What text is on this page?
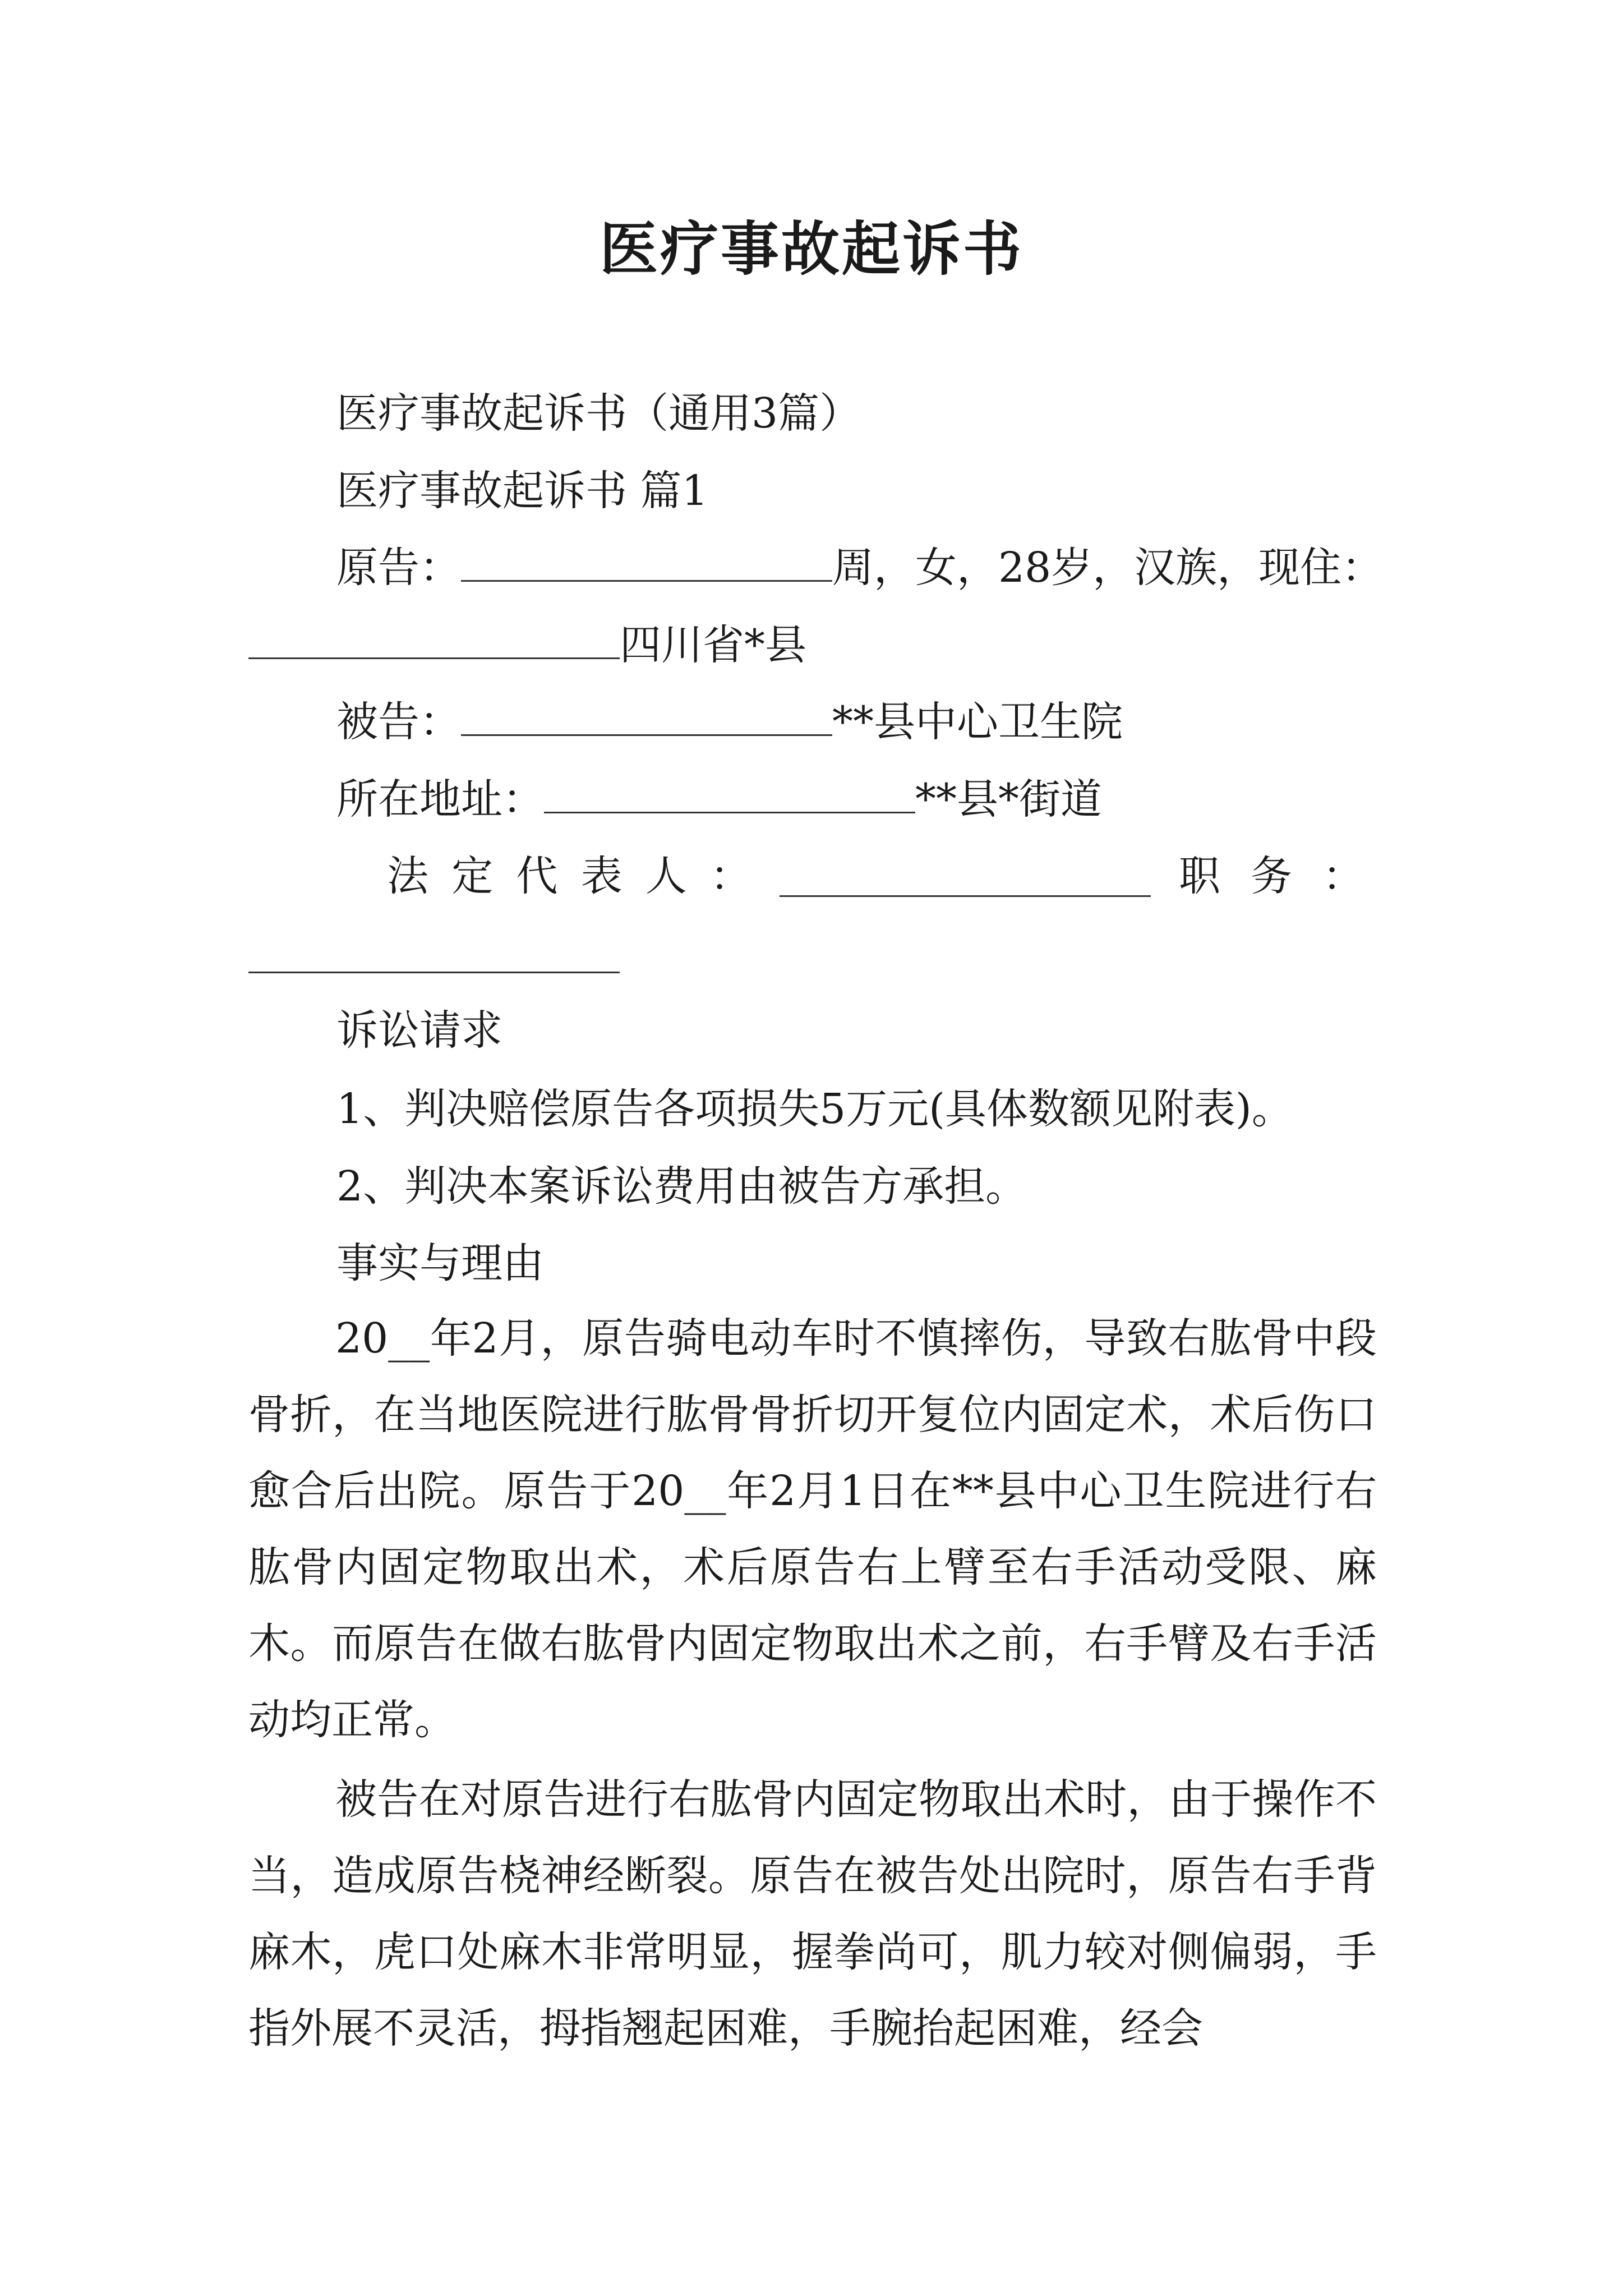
医疗事故起诉书
医疗事故起诉书（通用3篇）
医疗事故起诉书 篇1
原告：	周，女，28岁，汉族，现住：
四川省*县
被告：	**县中心卫生院
所在地址：	**县*街道
法 定 代 表 人 ：	职 务 ：
诉讼请求
1、判决赔偿原告各项损失5万元(具体数额见附表)。
2、判决本案诉讼费用由被告方承担。
事实与理由

20__年2月，原告骑电动车时不慎摔伤，导致右肱骨中段骨折，在当地医院进行肱骨骨折切开复位内固定术，术后伤口愈合后出院。原告于20__年2月1日在**县中心卫生院进行右肱骨内固定物取出术，术后原告右上臂至右手活动受限、麻木。而原告在做右肱骨内固定物取出术之前，右手臂及右手活动均正常。

被告在对原告进行右肱骨内固定物取出术时，由于操作不当，造成原告桡神经断裂。原告在被告处出院时，原告右手背麻木，虎口处麻木非常明显，握拳尚可，肌力较对侧偏弱，手指外展不灵活，拇指翘起困难，手腕抬起困难，经会
